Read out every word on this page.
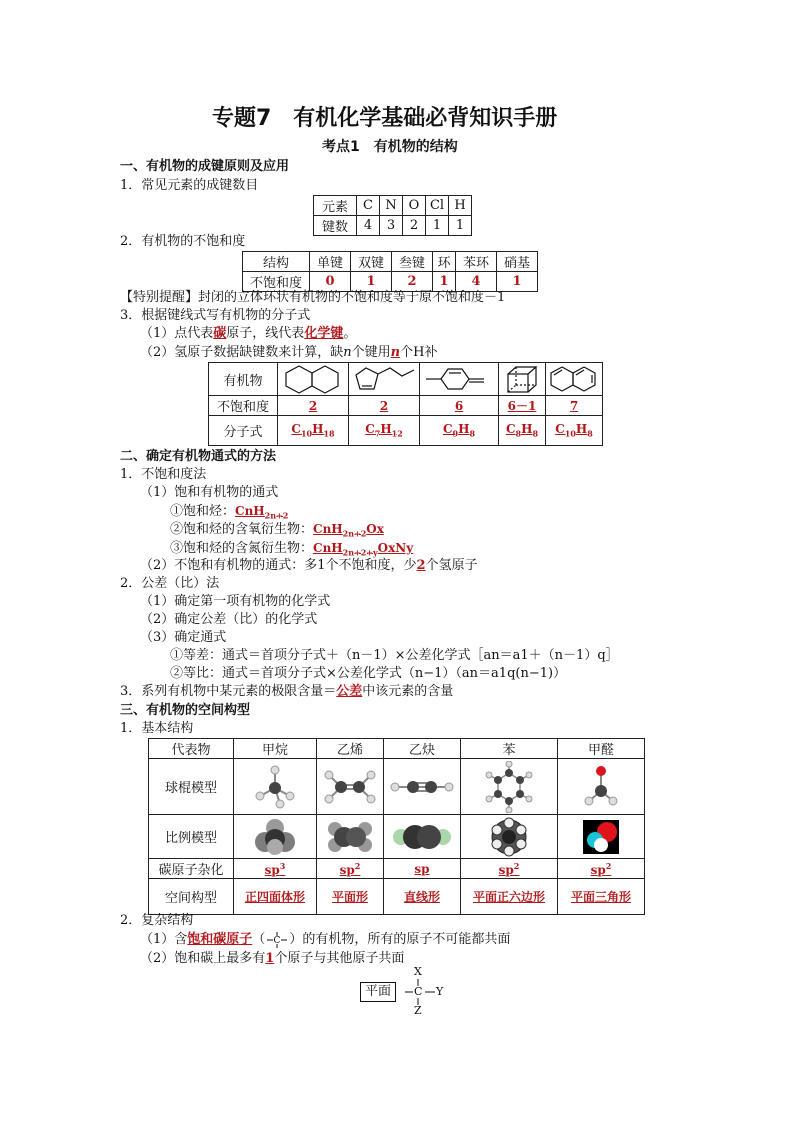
专题7　有机化学基础必背知识手册
考点1　有机物的结构
一、有机物的成键原则及应用
1．常见元素的成键数目
元素	C	N	O	Cl	H
键数	4	3	2	1	1
2．有机物的不饱和度
结构	单键	双键	叁键	环	苯环	硝基
不饱和度	0	1	2	1	4	1
【特别提醒】封闭的立体环状有机物的不饱和度等于原不饱和度－1
3．根据键线式写有机物的分子式
（1）点代表碳原子，线代表化学键。
（2）氢原子数据缺键数来计算，缺n个键用n个H补
有机物	

不饱和度	2	2	6	6－1	7
分子式	$C_{10}H_{18}$	$C_7H_{12}$	$C_9H_8$	$C_8H_8$	$C_{10}H_8$
二、确定有机物通式的方法
1．不饱和度法
（1）饱和有机物的通式
①饱和烃：CnH$_{2n+2}$
②饱和烃的含氧衍生物：CnH$_{2n+2}$Ox
③饱和烃的含氮衍生物：CnH$_{2n+2+y}$OxNy
（2）不饱和有机物的通式：多1个不饱和度，少2个氢原子
2．公差（比）法
（1）确定第一项有机物的化学式
（2）确定公差（比）的化学式
（3）确定通式
①等差：通式＝首项分子式＋（n－1）×公差化学式［an＝a1＋（n－1）q］
②等比：通式＝首项分子式×公差化学式（n−1）（an＝a1q(n−1)）
3．系列有机物中某元素的极限含量＝公差中该元素的含量
三、有机物的空间构型
1．基本结构
代表物	甲烷	乙烯	乙炔	苯	甲醛
球棍模型	

比例模型	

碳原子杂化	$sp^3$	$sp^2$	sp	$sp^2$	$sp^2$
空间构型	正四面体形	平面形	直线形	平面正六边形	平面三角形
2．复杂结构
（1）含饱和碳原子（ C ）的有机物，所有的原子不可能都共面
（2）饱和碳上最多有1个原子与其他原子共面
平面
X
C Y
Z
